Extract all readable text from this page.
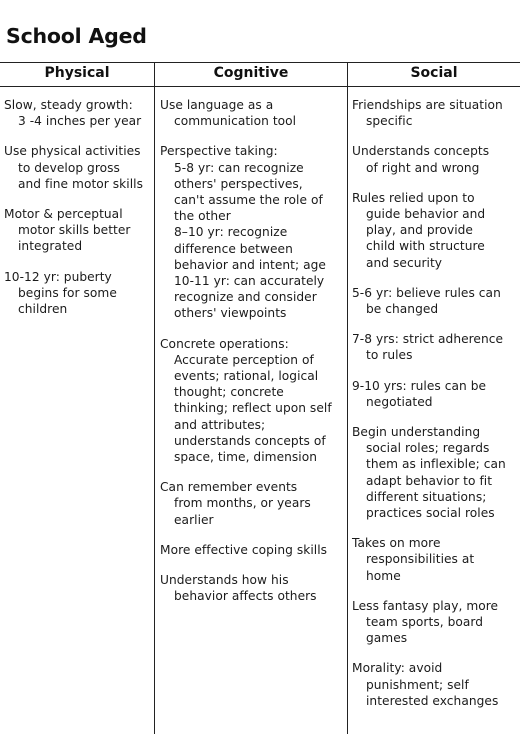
School Aged
Physical	Cognitive	Social
Slow, steady growth:
3 -4 inches per year
Use physical activities
to develop gross
and fine motor skills
Motor & perceptual
motor skills better
integrated
10-12 yr: puberty
begins for some
children
Use language as a
communication tool
Perspective taking:
5-8 yr: can recognize
others' perspectives,
can't assume the role of
the other
8–10 yr: recognize
difference between
behavior and intent; age
10-11 yr: can accurately
recognize and consider
others' viewpoints
Concrete operations:
Accurate perception of
events; rational, logical
thought; concrete
thinking; reflect upon self
and attributes;
understands concepts of
space, time, dimension
Can remember events
from months, or years
earlier
More effective coping skills
Understands how his
behavior affects others
Friendships are situation
specific
Understands concepts
of right and wrong
Rules relied upon to
guide behavior and
play, and provide
child with structure
and security
5-6 yr: believe rules can
be changed
7-8 yrs: strict adherence
to rules
9-10 yrs: rules can be
negotiated
Begin understanding
social roles; regards
them as inflexible; can
adapt behavior to fit
different situations;
practices social roles
Takes on more
responsibilities at
home
Less fantasy play, more
team sports, board
games
Morality: avoid
punishment; self
interested exchanges
